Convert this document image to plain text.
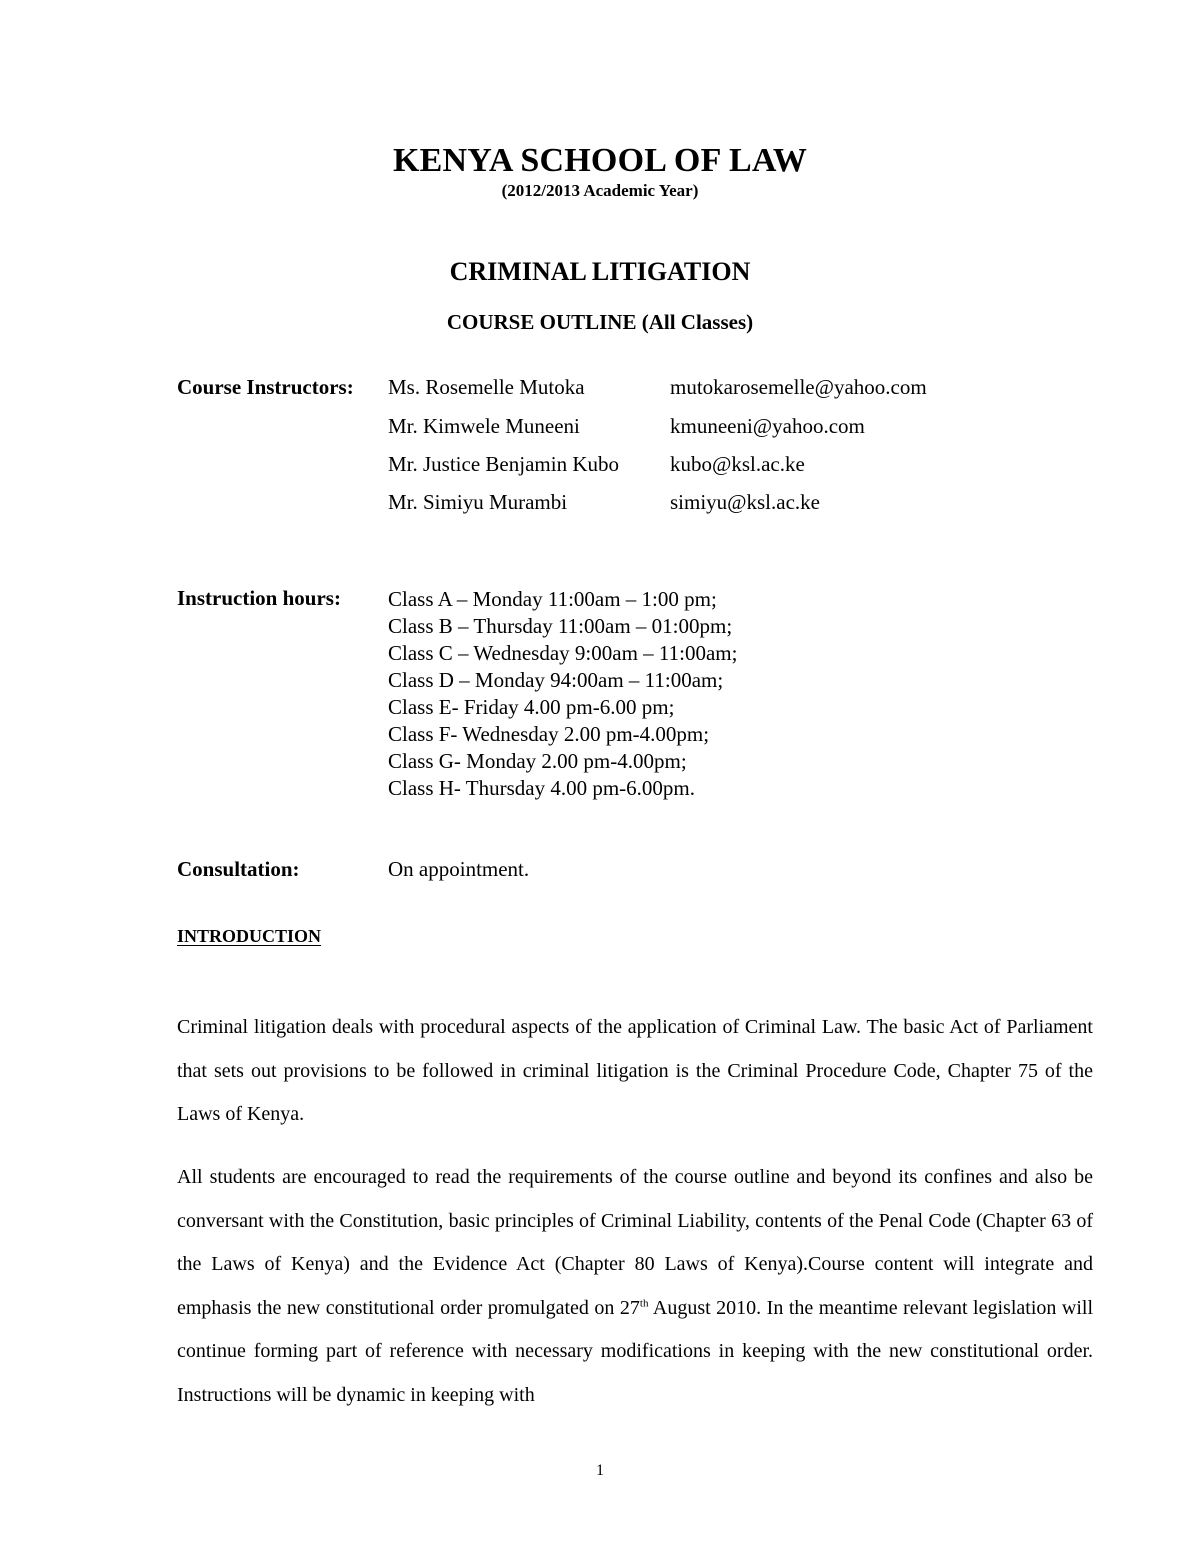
KENYA SCHOOL OF LAW
(2012/2013 Academic Year)
CRIMINAL LITIGATION
COURSE OUTLINE (All Classes)
Course Instructors: Ms. Rosemelle Mutoka	mutokarosemelle@yahoo.com
Mr. Kimwele Muneeni	kmuneeni@yahoo.com
Mr. Justice Benjamin Kubo kubo@ksl.ac.ke
Mr. Simiyu Murambi	simiyu@ksl.ac.ke
Instruction hours: Class A – Monday 11:00am – 1:00 pm;
Class B – Thursday 11:00am – 01:00pm;
Class C – Wednesday 9:00am – 11:00am;
Class D – Monday 94:00am – 11:00am;
Class E- Friday 4.00 pm-6.00 pm;
Class F- Wednesday 2.00 pm-4.00pm;
Class G- Monday 2.00 pm-4.00pm;
Class H- Thursday 4.00 pm-6.00pm.
Consultation:	On appointment.
INTRODUCTION

Criminal litigation deals with procedural aspects of the application of Criminal Law. The basic Act of Parliament that sets out provisions to be followed in criminal litigation is the Criminal Procedure Code, Chapter 75 of the Laws of Kenya.

All students are encouraged to read the requirements of the course outline and beyond its confines and also be conversant with the Constitution, basic principles of Criminal Liability, contents of the Penal Code (Chapter 63 of the Laws of Kenya) and the Evidence Act (Chapter 80 Laws of Kenya).Course content will integrate and emphasis the new constitutional order promulgated on 27th August 2010. In the meantime relevant legislation will continue forming part of reference with necessary modifications in keeping with the new constitutional order. Instructions will be dynamic in keeping with

1
